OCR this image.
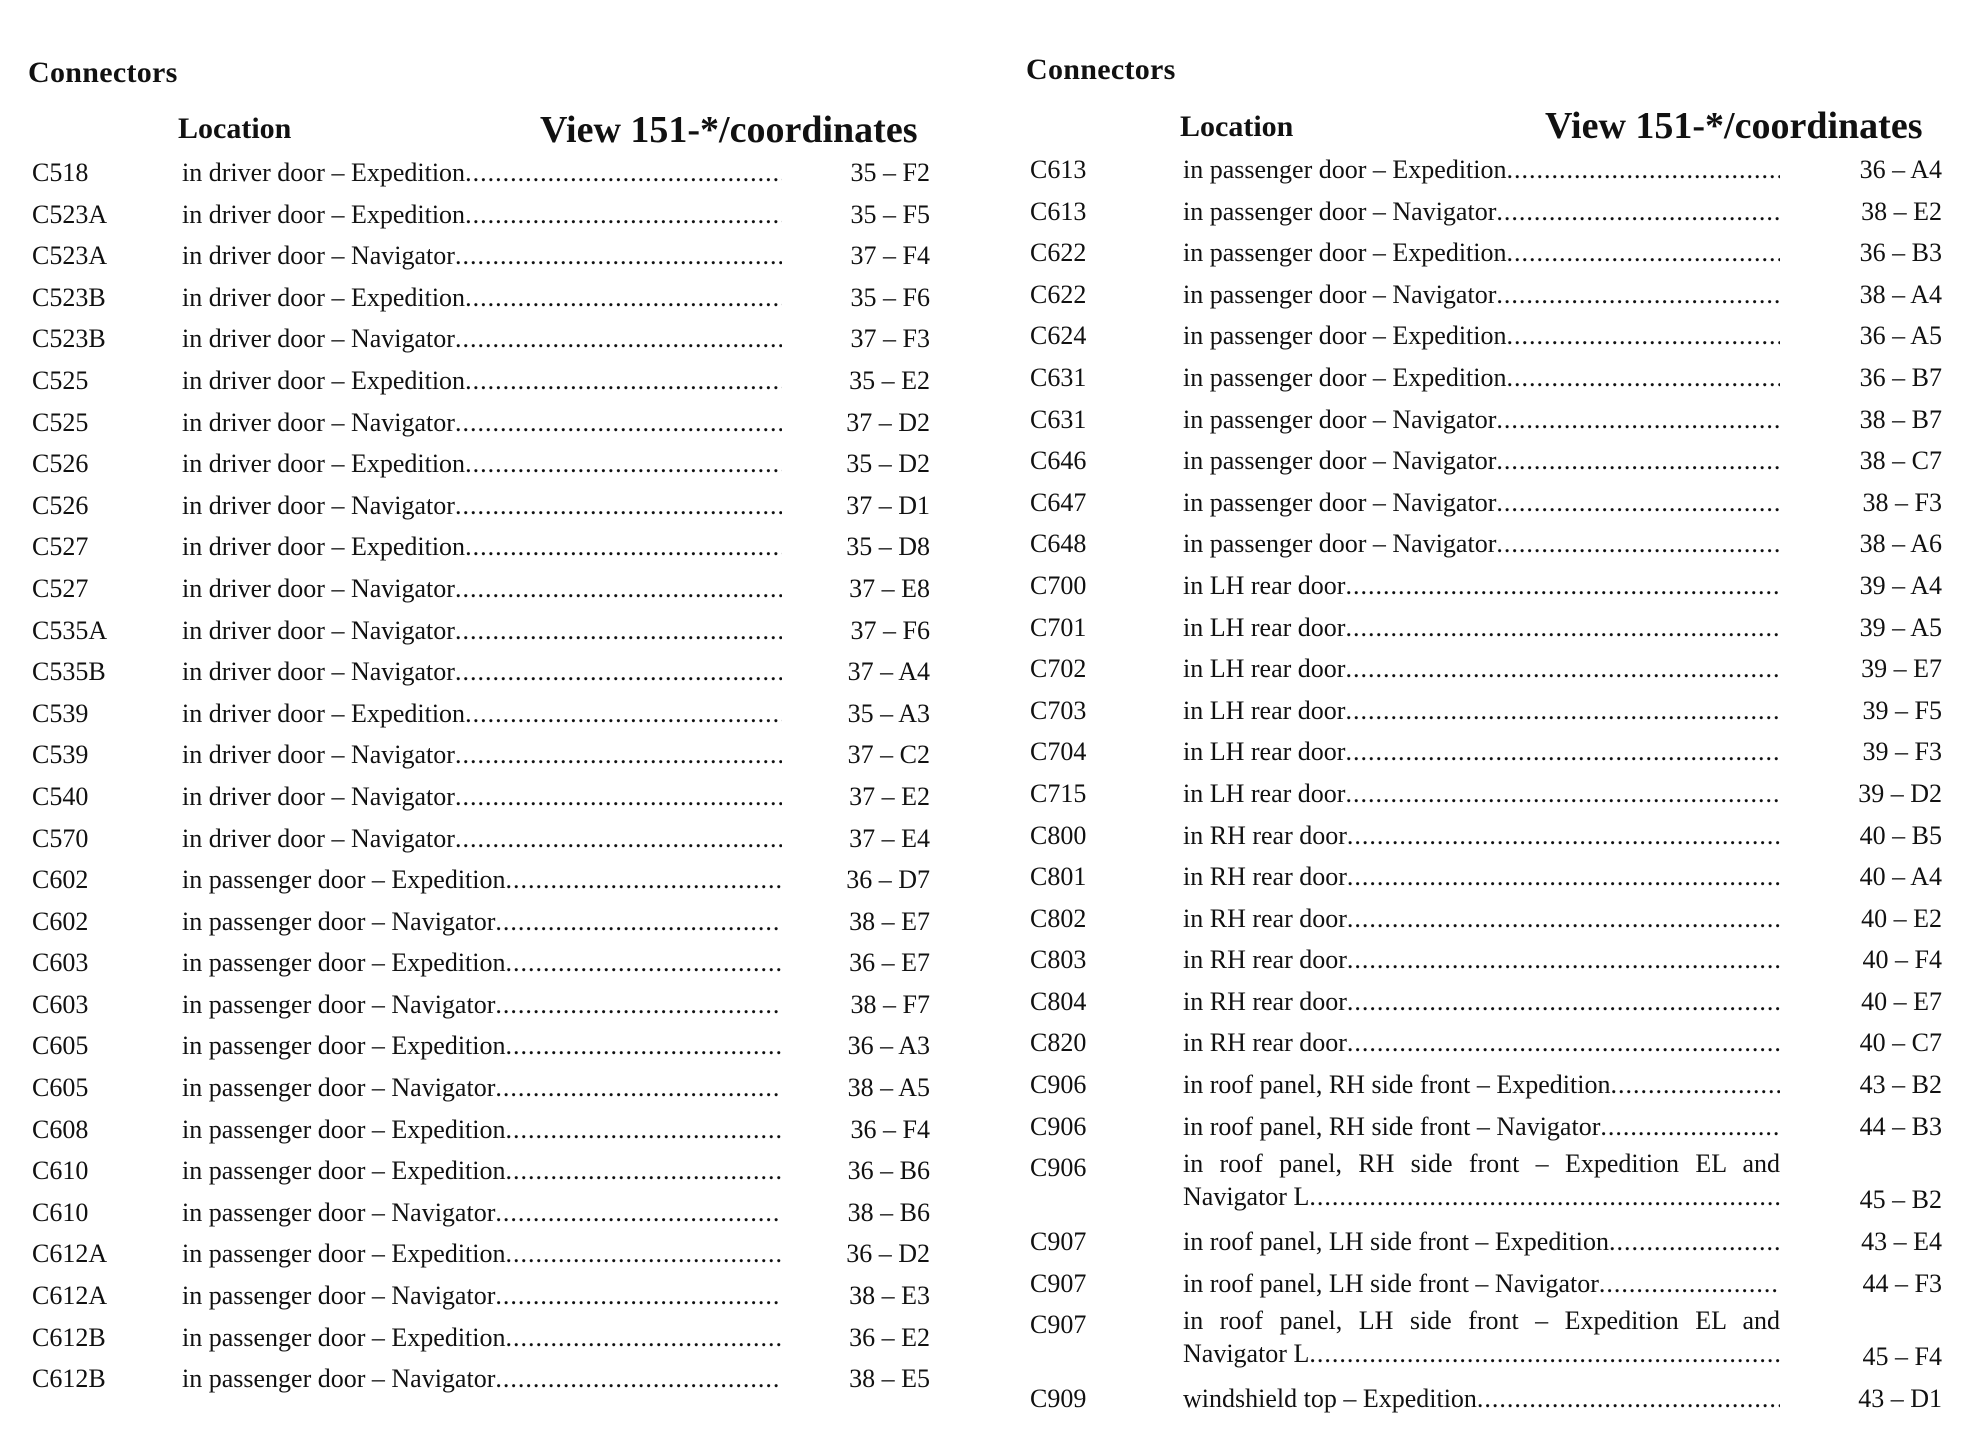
Connectors
Location	View 151-*/coordinates
C518	in driver door – Expedition .....	35 – F2
C523A	in driver door – Expedition .....	35 – F5
C523A	in driver door – Navigator .....	37 – F4
C523B	in driver door – Expedition .....	35 – F6
C523B	in driver door – Navigator .....	37 – F3
C525	in driver door – Expedition .....	35 – E2
C525	in driver door – Navigator .....	37 – D2
C526	in driver door – Expedition .....	35 – D2
C526	in driver door – Navigator .....	37 – D1
C527	in driver door – Expedition .....	35 – D8
C527	in driver door – Navigator .....	37 – E8
C535A	in driver door – Navigator .....	37 – F6
C535B	in driver door – Navigator .....	37 – A4
C539	in driver door – Expedition .....	35 – A3
C539	in driver door – Navigator .....	37 – C2
C540	in driver door – Navigator .....	37 – E2
C570	in driver door – Navigator .....	37 – E4
C602	in passenger door – Expedition .....	36 – D7
C602	in passenger door – Navigator .....	38 – E7
C603	in passenger door – Expedition .....	36 – E7
C603	in passenger door – Navigator .....	38 – F7
C605	in passenger door – Expedition .....	36 – A3
C605	in passenger door – Navigator .....	38 – A5
C608	in passenger door – Expedition .....	36 – F4
C610	in passenger door – Expedition .....	36 – B6
C610	in passenger door – Navigator .....	38 – B6
C612A	in passenger door – Expedition .....	36 – D2
C612A	in passenger door – Navigator .....	38 – E3
C612B	in passenger door – Expedition .....	36 – E2
C612B	in passenger door – Navigator .....	38 – E5
Connectors
Location	View 151-*/coordinates
C613	in passenger door – Expedition .....	36 – A4
C613	in passenger door – Navigator .....	38 – E2
C622	in passenger door – Expedition .....	36 – B3
C622	in passenger door – Navigator .....	38 – A4
C624	in passenger door – Expedition .....	36 – A5
C631	in passenger door – Expedition .....	36 – B7
C631	in passenger door – Navigator .....	38 – B7
C646	in passenger door – Navigator .....	38 – C7
C647	in passenger door – Navigator .....	38 – F3
C648	in passenger door – Navigator .....	38 – A6
C700	in LH rear door .....	39 – A4
C701	in LH rear door .....	39 – A5
C702	in LH rear door .....	39 – E7
C703	in LH rear door .....	39 – F5
C704	in LH rear door .....	39 – F3
C715	in LH rear door .....	39 – D2
C800	in RH rear door .....	40 – B5
C801	in RH rear door .....	40 – A4
C802	in RH rear door .....	40 – E2
C803	in RH rear door .....	40 – F4
C804	in RH rear door .....	40 – E7
C820	in RH rear door .....	40 – C7
C906	in roof panel, RH side front – Expedition .....	43 – B2
C906	in roof panel, RH side front – Navigator .....	44 – B3
C906	in roof panel, RH side front – Expedition EL and
Navigator L .....	45 – B2
C907	in roof panel, LH side front – Expedition .....	43 – E4
C907	in roof panel, LH side front – Navigator .....	44 – F3
C907	in roof panel, LH side front – Expedition EL and
Navigator L .....	45 – F4
C909	windshield top – Expedition .....	43 – D1
